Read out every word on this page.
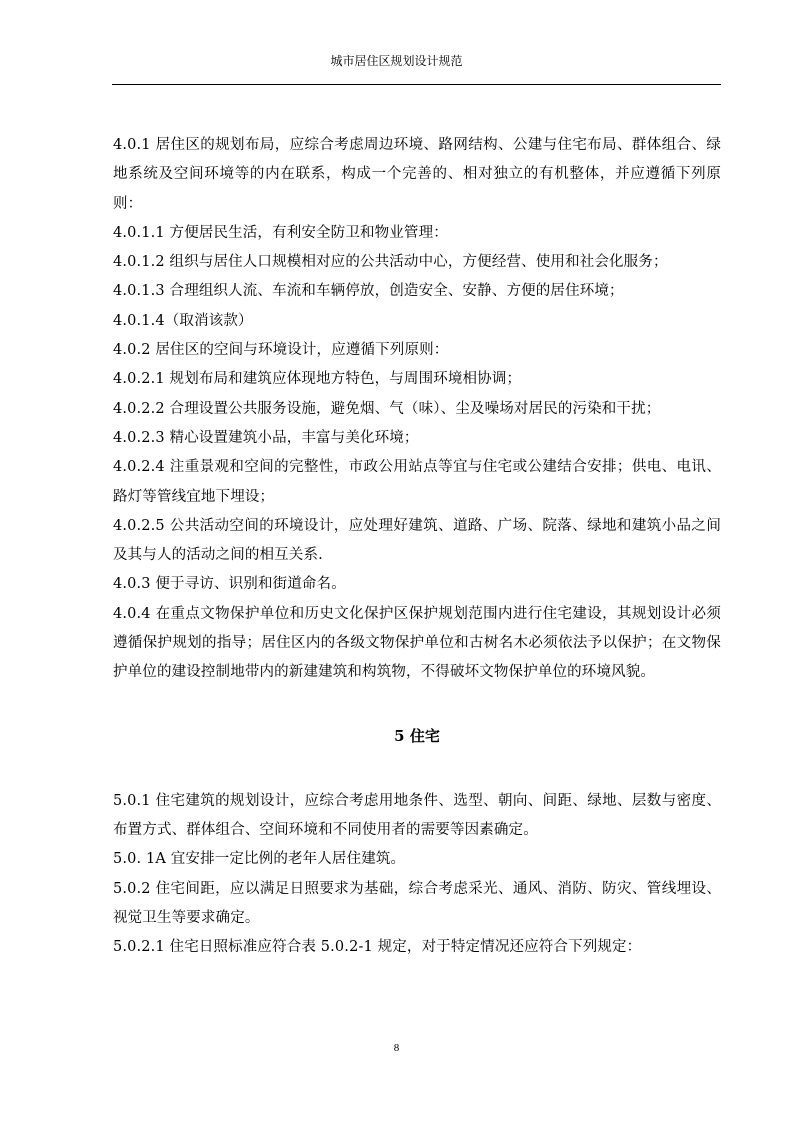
城市居住区规划设计规范

4.0.1 居住区的规划布局，应综合考虑周边环境、路网结构、公建与住宅布局、群体组合、绿地系统及空间环境等的内在联系，构成一个完善的、相对独立的有机整体，并应遵循下列原则：

4.0.1.1 方便居民生活，有利安全防卫和物业管理：

4.0.1.2 组织与居住人口规模相对应的公共活动中心，方便经营、使用和社会化服务；

4.0.1.3 合理组织人流、车流和车辆停放，创造安全、安静、方便的居住环境；

4.0.1.4（取消该款）

4.0.2 居住区的空间与环境设计，应遵循下列原则：

4.0.2.1 规划布局和建筑应体现地方特色，与周围环境相协调；

4.0.2.2 合理设置公共服务设施，避免烟、气（味）、尘及噪场对居民的污染和干扰；

4.0.2.3 精心设置建筑小品，丰富与美化环境；

4.0.2.4 注重景观和空间的完整性，市政公用站点等宜与住宅或公建结合安排；供电、电讯、路灯等管线宜地下埋设；

4.0.2.5 公共活动空间的环境设计，应处理好建筑、道路、广场、院落、绿地和建筑小品之间及其与人的活动之间的相互关系.

4.0.3 便于寻访、识别和街道命名。

4.0.4 在重点文物保护单位和历史文化保护区保护规划范围内进行住宅建设，其规划设计必须遵循保护规划的指导；居住区内的各级文物保护单位和古树名木必须依法予以保护；在文物保护单位的建设控制地带内的新建建筑和构筑物，不得破坏文物保护单位的环境风貌。

5 住宅

5.0.1 住宅建筑的规划设计，应综合考虑用地条件、选型、朝向、间距、绿地、层数与密度、布置方式、群体组合、空间环境和不同使用者的需要等因素确定。

5.0. 1A 宜安排一定比例的老年人居住建筑。

5.0.2 住宅间距，应以满足日照要求为基础，综合考虑采光、通风、消防、防灾、管线埋设、视觉卫生等要求确定。

5.0.2.1 住宅日照标准应符合表 5.0.2-1 规定，对于特定情况还应符合下列规定：

8
